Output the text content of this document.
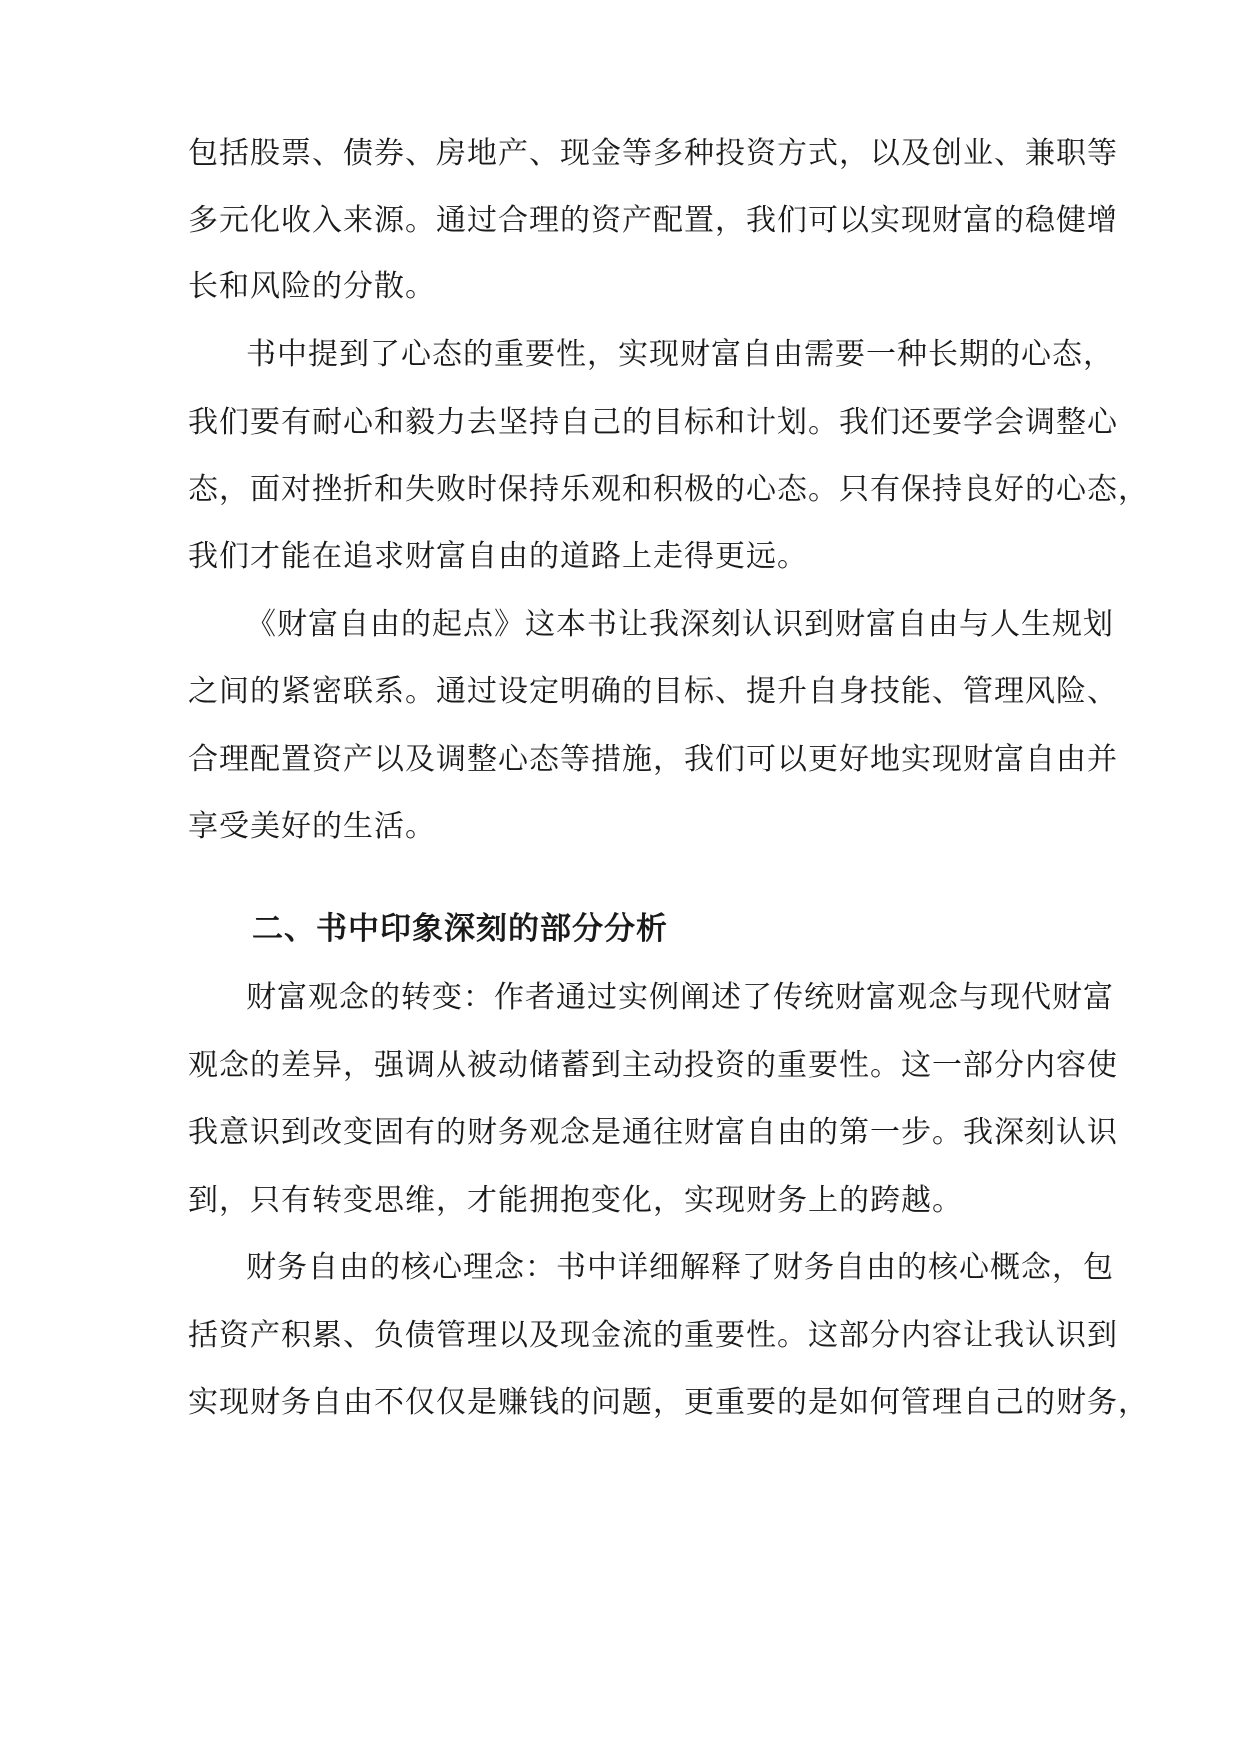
包括股票、债券、房地产、现金等多种投资方式，以及创业、兼职等
多元化收入来源。通过合理的资产配置，我们可以实现财富的稳健增
长和风险的分散。
书中提到了心态的重要性，实现财富自由需要一种长期的心态，
我们要有耐心和毅力去坚持自己的目标和计划。我们还要学会调整心
态，面对挫折和失败时保持乐观和积极的心态。只有保持良好的心态，
我们才能在追求财富自由的道路上走得更远。
《财富自由的起点》这本书让我深刻认识到财富自由与人生规划
之间的紧密联系。通过设定明确的目标、提升自身技能、管理风险、
合理配置资产以及调整心态等措施，我们可以更好地实现财富自由并
享受美好的生活。
二、书中印象深刻的部分分析
财富观念的转变：作者通过实例阐述了传统财富观念与现代财富
观念的差异，强调从被动储蓄到主动投资的重要性。这一部分内容使
我意识到改变固有的财务观念是通往财富自由的第一步。我深刻认识
到，只有转变思维，才能拥抱变化，实现财务上的跨越。
财务自由的核心理念：书中详细解释了财务自由的核心概念，包
括资产积累、负债管理以及现金流的重要性。这部分内容让我认识到
实现财务自由不仅仅是赚钱的问题，更重要的是如何管理自己的财务，
